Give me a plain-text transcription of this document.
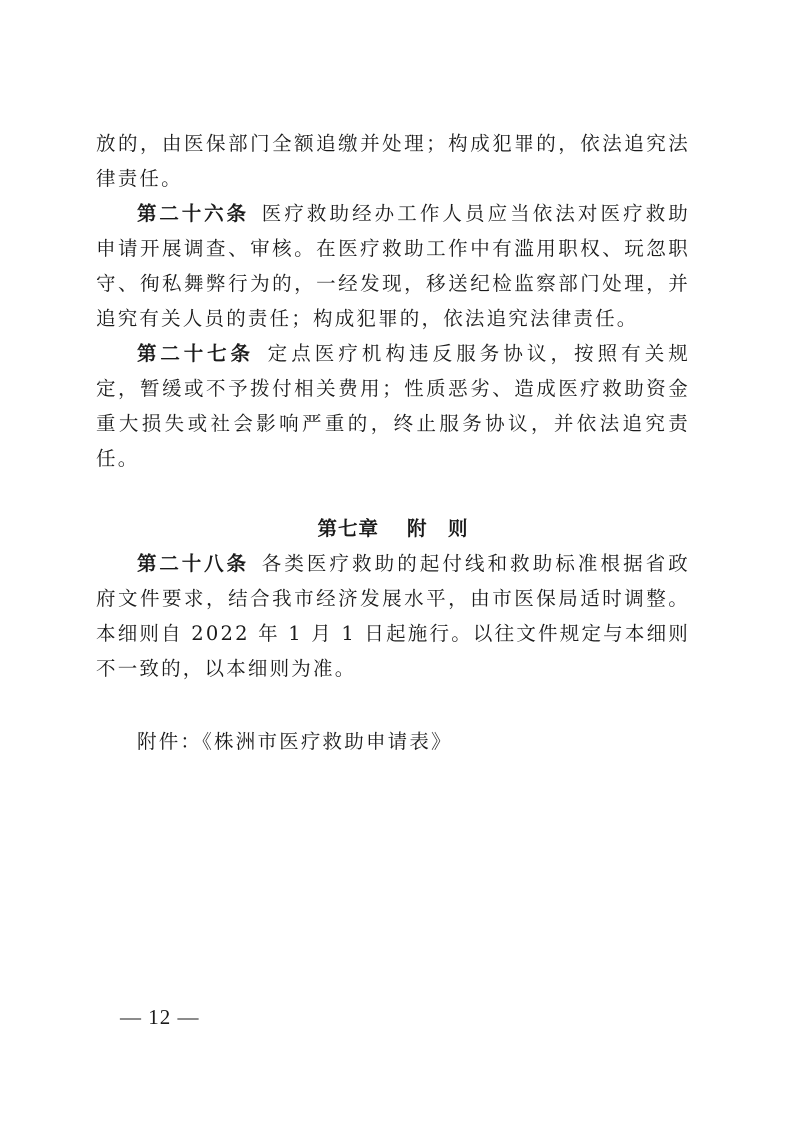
放的，由医保部门全额追缴并处理；构成犯罪的，依法追究法律责任。

第二十六条  医疗救助经办工作人员应当依法对医疗救助申请开展调查、审核。在医疗救助工作中有滥用职权、玩忽职守、徇私舞弊行为的，一经发现，移送纪检监察部门处理，并追究有关人员的责任；构成犯罪的，依法追究法律责任。

第二十七条  定点医疗机构违反服务协议，按照有关规定，暂缓或不予拨付相关费用；性质恶劣、造成医疗救助资金重大损失或社会影响严重的，终止服务协议，并依法追究责任。

第七章 附　则

第二十八条  各类医疗救助的起付线和救助标准根据省政府文件要求，结合我市经济发展水平，由市医保局适时调整。本细则自 2022 年 1 月 1 日起施行。以往文件规定与本细则不一致的，以本细则为准。

附件：《株洲市医疗救助申请表》

— 12 —
